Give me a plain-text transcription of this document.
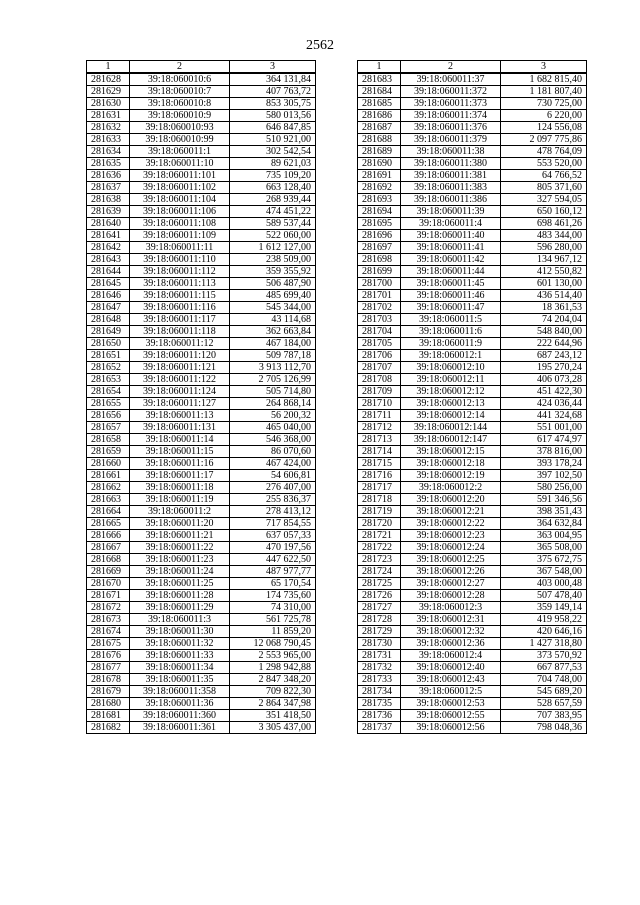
2562
1	2	3
281628	39:18:060010:6	364 131,84
281629	39:18:060010:7	407 763,72
281630	39:18:060010:8	853 305,75
281631	39:18:060010:9	580 013,56
281632	39:18:060010:93	646 847,85
281633	39:18:060010:99	510 921,00
281634	39:18:060011:1	302 542,54
281635	39:18:060011:10	89 621,03
281636	39:18:060011:101	735 109,20
281637	39:18:060011:102	663 128,40
281638	39:18:060011:104	268 939,44
281639	39:18:060011:106	474 451,22
281640	39:18:060011:108	589 537,44
281641	39:18:060011:109	522 060,00
281642	39:18:060011:11	1 612 127,00
281643	39:18:060011:110	238 509,00
281644	39:18:060011:112	359 355,92
281645	39:18:060011:113	506 487,90
281646	39:18:060011:115	485 699,40
281647	39:18:060011:116	545 344,00
281648	39:18:060011:117	43 114,68
281649	39:18:060011:118	362 663,84
281650	39:18:060011:12	467 184,00
281651	39:18:060011:120	509 787,18
281652	39:18:060011:121	3 913 112,70
281653	39:18:060011:122	2 705 126,99
281654	39:18:060011:124	505 714,80
281655	39:18:060011:127	264 868,14
281656	39:18:060011:13	56 200,32
281657	39:18:060011:131	465 040,00
281658	39:18:060011:14	546 368,00
281659	39:18:060011:15	86 070,60
281660	39:18:060011:16	467 424,00
281661	39:18:060011:17	54 606,81
281662	39:18:060011:18	276 407,00
281663	39:18:060011:19	255 836,37
281664	39:18:060011:2	278 413,12
281665	39:18:060011:20	717 854,55
281666	39:18:060011:21	637 057,33
281667	39:18:060011:22	470 197,56
281668	39:18:060011:23	447 622,50
281669	39:18:060011:24	487 977,77
281670	39:18:060011:25	65 170,54
281671	39:18:060011:28	174 735,60
281672	39:18:060011:29	74 310,00
281673	39:18:060011:3	561 725,78
281674	39:18:060011:30	11 859,20
281675	39:18:060011:32	12 068 790,45
281676	39:18:060011:33	2 553 965,00
281677	39:18:060011:34	1 298 942,88
281678	39:18:060011:35	2 847 348,20
281679	39:18:060011:358	709 822,30
281680	39:18:060011:36	2 864 347,98
281681	39:18:060011:360	351 418,50
281682	39:18:060011:361	3 305 437,00
1	2	3
281683	39:18:060011:37	1 682 815,40
281684	39:18:060011:372	1 181 807,40
281685	39:18:060011:373	730 725,00
281686	39:18:060011:374	6 220,00
281687	39:18:060011:376	124 556,08
281688	39:18:060011:379	2 097 775,86
281689	39:18:060011:38	478 764,09
281690	39:18:060011:380	553 520,00
281691	39:18:060011:381	64 766,52
281692	39:18:060011:383	805 371,60
281693	39:18:060011:386	327 594,05
281694	39:18:060011:39	650 160,12
281695	39:18:060011:4	698 461,26
281696	39:18:060011:40	483 344,00
281697	39:18:060011:41	596 280,00
281698	39:18:060011:42	134 967,12
281699	39:18:060011:44	412 550,82
281700	39:18:060011:45	601 130,00
281701	39:18:060011:46	436 514,40
281702	39:18:060011:47	18 361,53
281703	39:18:060011:5	74 204,04
281704	39:18:060011:6	548 840,00
281705	39:18:060011:9	222 644,96
281706	39:18:060012:1	687 243,12
281707	39:18:060012:10	195 270,24
281708	39:18:060012:11	406 073,28
281709	39:18:060012:12	451 422,30
281710	39:18:060012:13	424 036,44
281711	39:18:060012:14	441 324,68
281712	39:18:060012:144	551 001,00
281713	39:18:060012:147	617 474,97
281714	39:18:060012:15	378 816,00
281715	39:18:060012:18	393 178,24
281716	39:18:060012:19	397 102,50
281717	39:18:060012:2	580 256,00
281718	39:18:060012:20	591 346,56
281719	39:18:060012:21	398 351,43
281720	39:18:060012:22	364 632,84
281721	39:18:060012:23	363 004,95
281722	39:18:060012:24	365 508,00
281723	39:18:060012:25	375 672,75
281724	39:18:060012:26	367 548,00
281725	39:18:060012:27	403 000,48
281726	39:18:060012:28	507 478,40
281727	39:18:060012:3	359 149,14
281728	39:18:060012:31	419 958,22
281729	39:18:060012:32	420 646,16
281730	39:18:060012:36	1 427 318,80
281731	39:18:060012:4	373 570,92
281732	39:18:060012:40	667 877,53
281733	39:18:060012:43	704 748,00
281734	39:18:060012:5	545 689,20
281735	39:18:060012:53	528 657,59
281736	39:18:060012:55	707 383,95
281737	39:18:060012:56	798 048,36
